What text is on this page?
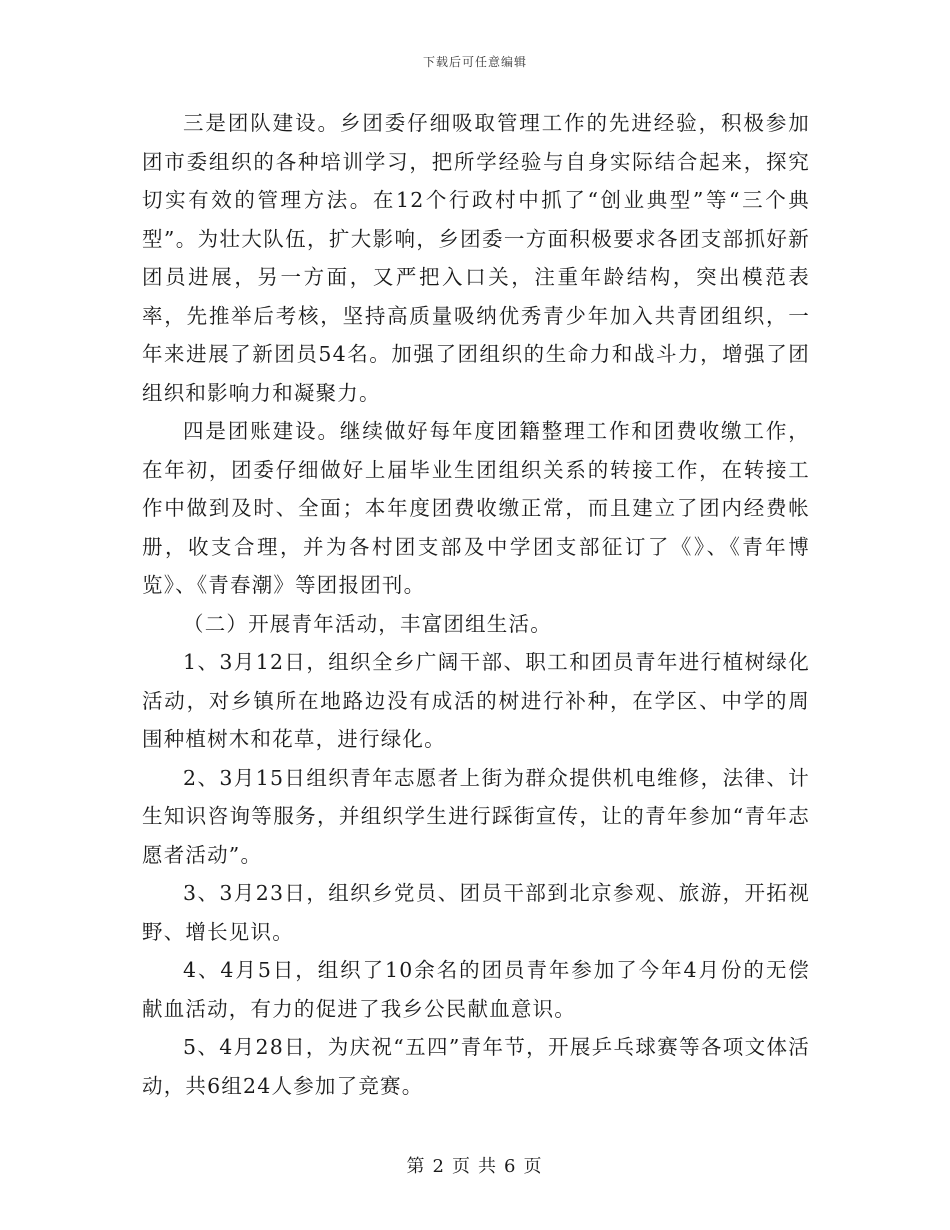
下载后可任意编辑

三是团队建设。乡团委仔细吸取管理工作的先进经验，积极参加团市委组织的各种培训学习，把所学经验与自身实际结合起来，探究切实有效的管理方法。在12个行政村中抓了“创业典型”等“三个典型”。为壮大队伍，扩大影响，乡团委一方面积极要求各团支部抓好新团员进展，另一方面，又严把入口关，注重年龄结构，突出模范表率，先推举后考核，坚持高质量吸纳优秀青少年加入共青团组织，一年来进展了新团员54名。加强了团组织的生命力和战斗力，增强了团组织和影响力和凝聚力。

四是团账建设。继续做好每年度团籍整理工作和团费收缴工作，在年初，团委仔细做好上届毕业生团组织关系的转接工作，在转接工作中做到及时、全面；本年度团费收缴正常，而且建立了团内经费帐册，收支合理，并为各村团支部及中学团支部征订了《》、《青年博览》、《青春潮》等团报团刊。

（二）开展青年活动，丰富团组生活。

1、3月12日，组织全乡广阔干部、职工和团员青年进行植树绿化活动，对乡镇所在地路边没有成活的树进行补种，在学区、中学的周围种植树木和花草，进行绿化。

2、3月15日组织青年志愿者上街为群众提供机电维修，法律、计生知识咨询等服务，并组织学生进行踩街宣传，让的青年参加“青年志愿者活动”。

3、3月23日，组织乡党员、团员干部到北京参观、旅游，开拓视野、增长见识。

4、4月5日，组织了10余名的团员青年参加了今年4月份的无偿献血活动，有力的促进了我乡公民献血意识。

5、4月28日，为庆祝“五四”青年节，开展乒乓球赛等各项文体活动，共6组24人参加了竞赛。

第 2 页 共 6 页
